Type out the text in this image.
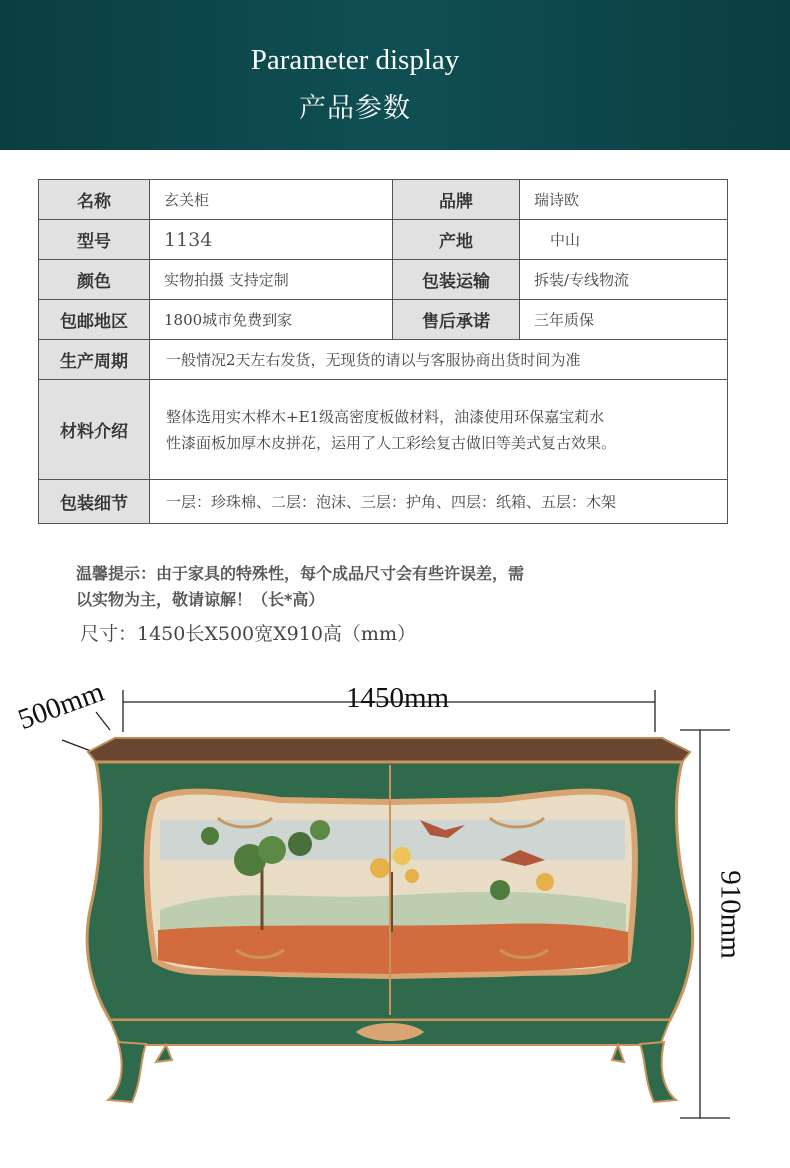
Parameter display
产品参数
名称	玄关柜	品牌	瑞诗欧
型号	1134	产地	中山
颜色	实物拍摄 支持定制	包装运输	拆装/专线物流
包邮地区	1800城市免费到家	售后承诺	三年质保
生产周期	一般情况2天左右发货，无现货的请以与客服协商出货时间为准		
材料介绍	整体选用实木桦木+E1级高密度板做材料，油漆使用环保嘉宝莉水
性漆面板加厚木皮拼花，运用了人工彩绘复古做旧等美式复古效果。		

包装细节	一层：珍珠棉、二层：泡沫、三层：护角、四层：纸箱、五层：木架		
温馨提示：由于家具的特殊性，每个成品尺寸会有些许误差，需
以实物为主，敬请谅解！（长*高）
尺寸：1450长X500宽X910高（mm）
1450mm
500mm
910mm
